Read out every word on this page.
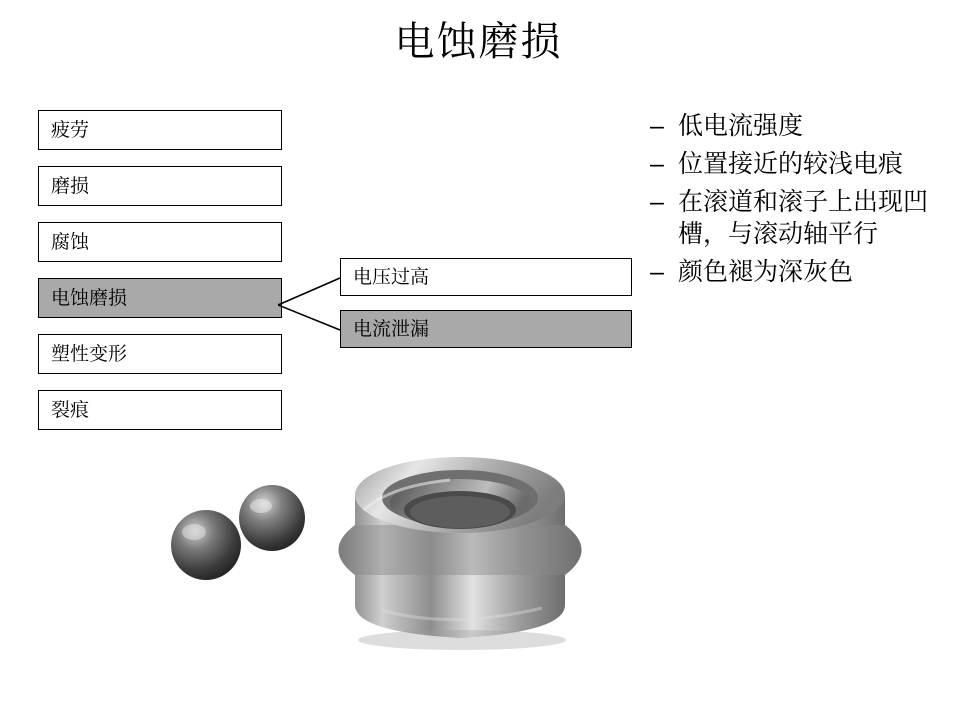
电蚀磨损
疲劳
磨损
腐蚀
电蚀磨损
塑性变形
裂痕
电压过高
电流泄漏
– 低电流强度
– 位置接近的较浅电痕
– 在滚道和滚子上出现凹槽，与滚动轴平行
– 颜色褪为深灰色
